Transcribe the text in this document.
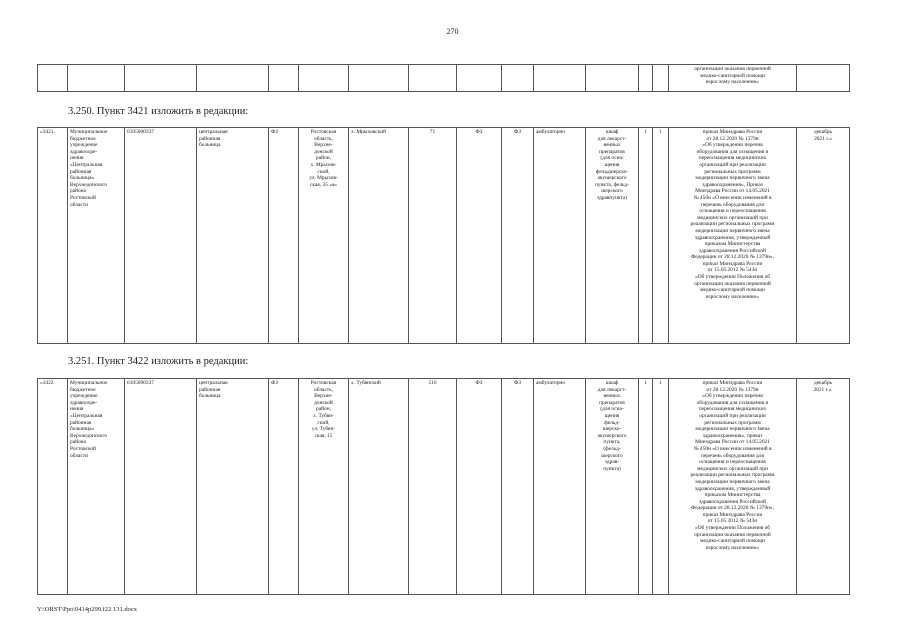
270
														организации оказания первичной
медико-санитарной помощи
взрослому населению»	
3.250. Пункт 3421 изложить в редакции:
«3421.	Муниципальное
бюджетное
учреждение
здравоохре-
нения
«Центральная
районная
больница»
Верхнедонского
района
Ростовской
области	6105000337	центральная
районная
больница	ФЗ	Ростовская
область,
Верхне-
донской
район,
х. Мрыхов-
ский,
ул. Мрыхов-
ская, 35 «а»	х. Мрыховский	71	ФЗ	ФЗ	амбулаторно	шкаф
для лекарст-
венных
препаратов
(для осна-
щения
фельдшерско-
акушерского
пункта, фельд-
шерского
здравпункта)	1	1	приказ Минздрава России
от 28.12.2020 № 1379н
«Об утверждении перечня
оборудования для оснащения и
переоснащения медицинских
организаций при реализации
региональных программ
модернизации первичного звена
здравоохранения», Приказ
Минздрава России от 14.05.2021
№ 450н «О внесении изменений в
перечень оборудования для
оснащения и переоснащения
медицинских организаций при
реализации региональных программ
модернизации первичного звена
здравоохранения, утвержденный
приказом Министерства
здравоохранения Российской
Федерации от 28.12.2020 № 1379н»,
приказ Минздрава России
от 15.05.2012 № 543н
«Об утверждении Положения об
организации оказания первичной
медико-санитарной помощи
взрослому населению»	декабрь
2021 г.»
3.251. Пункт 3422 изложить в редакции:
«3422.	Муниципальное
бюджетное
учреждение
здравоохре-
нения
«Центральная
районная
больница»
Верхнедонского
района
Ростовской
области	6105000337	центральная
районная
больница	ФЗ	Ростовская
область,
Верхне-
донской
район,
х. Тубян-
ский,
ул. Тубян-
ская, 15	х. Тубянский	516	ФЗ	ФЗ	амбулаторно	шкаф
для лекарст-
венных
препаратов
(для осна-
щения
фельд-
шерско-
акушерского
пункта,
(фельд-
шерского
здрав-
пункта)	1	1	приказ Минздрава России
от 28.12.2020 № 1379н
«Об утверждении перечня
оборудования для оснащения и
переоснащения медицинских
организаций при реализации
региональных программ
модернизации первичного звена
здравоохранения», приказ
Минздрава России от 14.05.2021
№ 450н «О внесении изменений в
перечень оборудования для
оснащения и переоснащения
медицинских организаций при
реализации региональных программ
модернизации первичного звена
здравоохранения, утвержденный
приказом Министерства
здравоохранения Российской
Федерации от 28.12.2020 № 1379н»,
приказ Минздрава России
от 15.05.2012 № 543н
«Об утверждении Положения об
организации оказания первичной
медико-санитарной помощи
взрослому населению»	декабрь
2021 г.».
Y:\ORST\Ppo\0414p299.f22 131.docx
